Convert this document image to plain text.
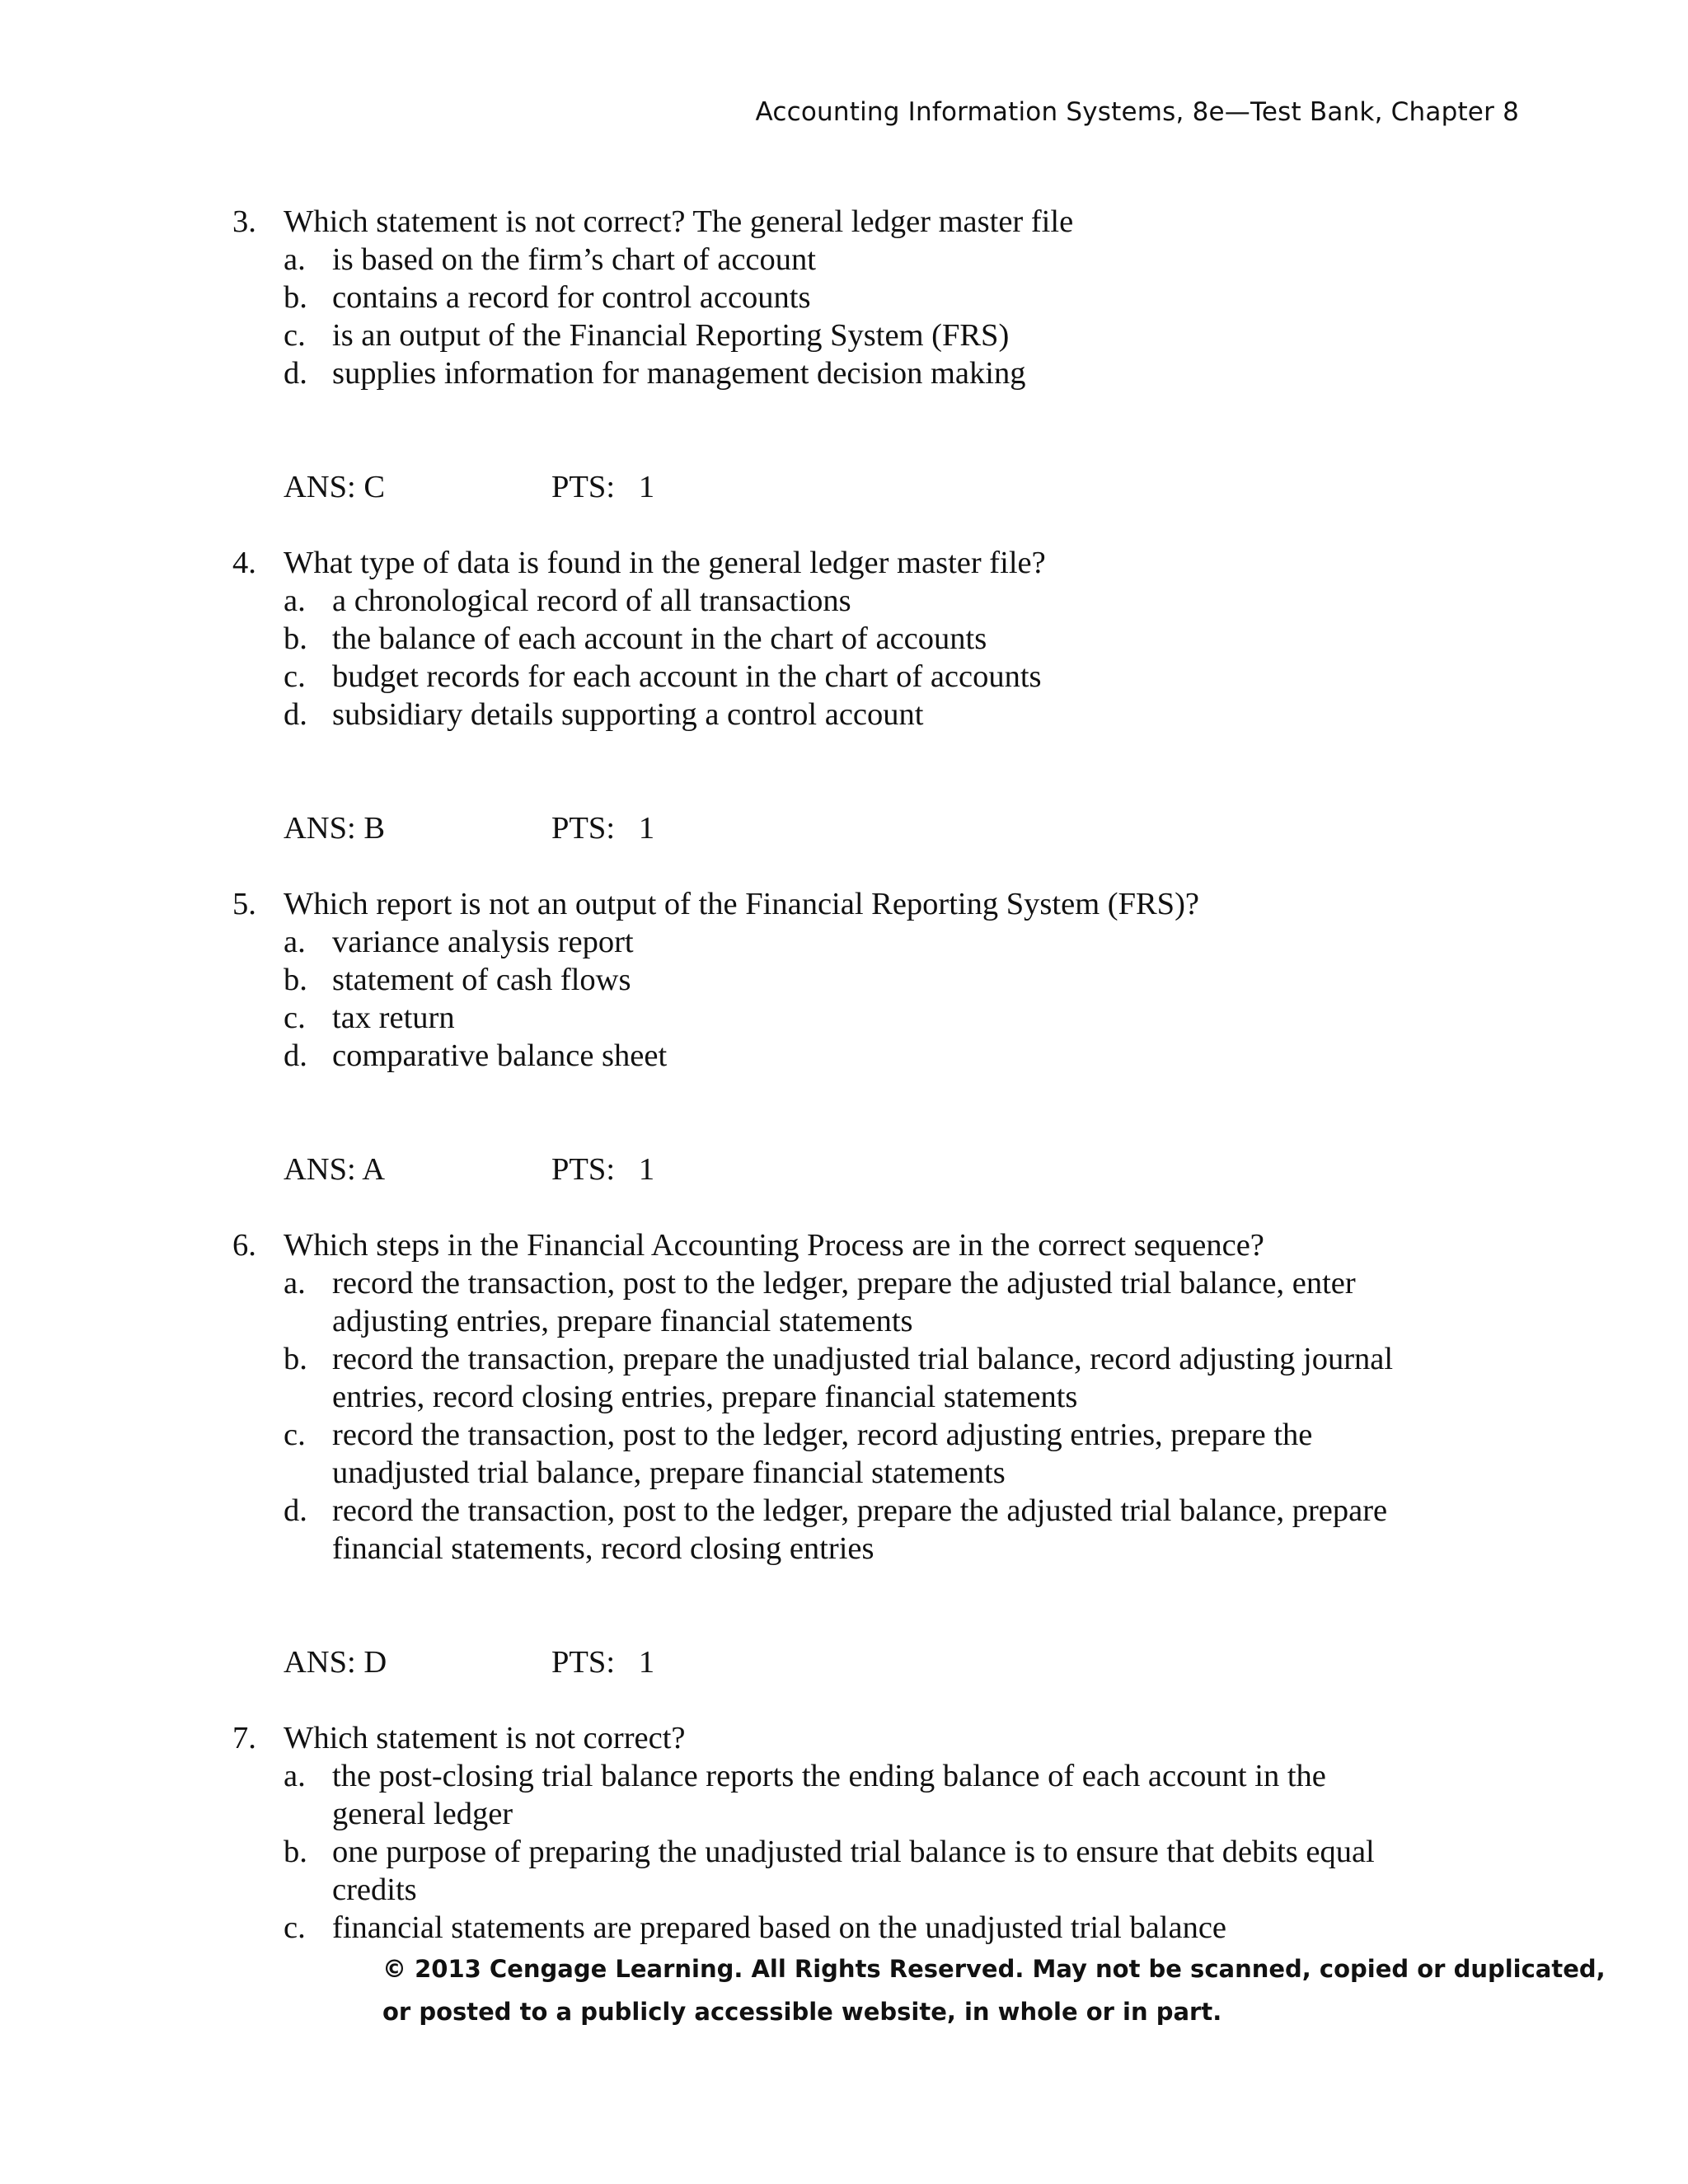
Accounting Information Systems, 8e—Test Bank, Chapter 8
3. Which statement is not correct? The general ledger master file
a. is based on the firm’s chart of account
b. contains a record for control accounts
c. is an output of the Financial Reporting System (FRS)
d. supplies information for management decision making
ANS: C	PTS:   1
4. What type of data is found in the general ledger master file?
a. a chronological record of all transactions
b. the balance of each account in the chart of accounts
c. budget records for each account in the chart of accounts
d. subsidiary details supporting a control account
ANS: B	PTS:   1
5. Which report is not an output of the Financial Reporting System (FRS)?
a. variance analysis report
b. statement of cash flows
c. tax return
d. comparative balance sheet
ANS: A	PTS:   1
6. Which steps in the Financial Accounting Process are in the correct sequence?
a. record the transaction, post to the ledger, prepare the adjusted trial balance, enter adjusting entries, prepare financial statements
b. record the transaction, prepare the unadjusted trial balance, record adjusting journal entries, record closing entries, prepare financial statements
c. record the transaction, post to the ledger, record adjusting entries, prepare the unadjusted trial balance, prepare financial statements
d. record the transaction, post to the ledger, prepare the adjusted trial balance, prepare financial statements, record closing entries
ANS: D	PTS:   1
7. Which statement is not correct?
a. the post-closing trial balance reports the ending balance of each account in the general ledger
b. one purpose of preparing the unadjusted trial balance is to ensure that debits equal credits
c. financial statements are prepared based on the unadjusted trial balance
© 2013 Cengage Learning. All Rights Reserved. May not be scanned, copied or duplicated,
or posted to a publicly accessible website, in whole or in part.
